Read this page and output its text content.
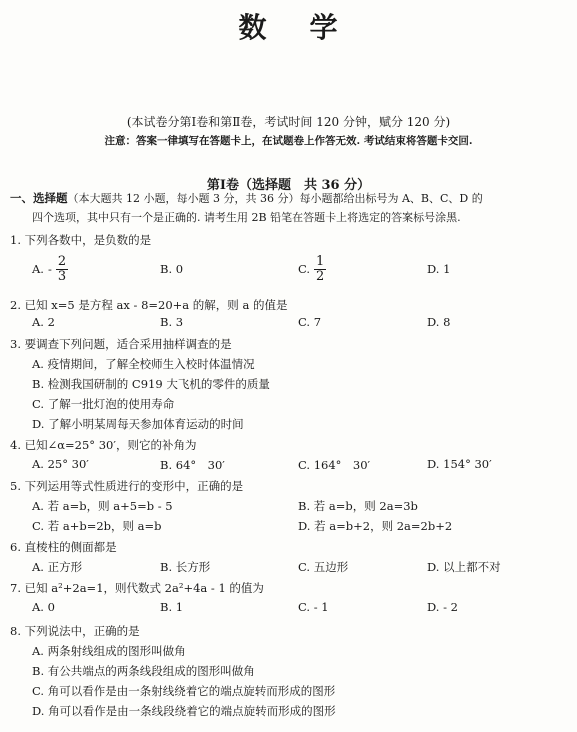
数 学
(本试卷分第Ⅰ卷和第Ⅱ卷，考试时间 120 分钟，赋分 120 分)
注意：答案一律填写在答题卡上，在试题卷上作答无效. 考试结束将答题卡交回.
第Ⅰ卷（选择题　共 36 分）
一、选择题（本大题共 12 小题，每小题 3 分，共 36 分）每小题都给出标号为 A、B、C、D 的
四个选项，其中只有一个是正确的. 请考生用 2B 铅笔在答题卡上将选定的答案标号涂黑.
1. 下列各数中，是负数的是
A. - $\frac{2}{3}$	B. 0	C. $\frac{1}{2}$	D. 1
2. 已知 x=5 是方程 ax - 8=20+a 的解，则 a 的值是
A. 2	B. 3	C. 7	D. 8
3. 要调查下列问题，适合采用抽样调查的是
A. 疫情期间，了解全校师生入校时体温情况
B. 检测我国研制的 C919 大飞机的零件的质量
C. 了解一批灯泡的使用寿命
D. 了解小明某周每天参加体育运动的时间
4. 已知∠α=25° 30′，则它的补角为
A. 25° 30′	B. 64°　30′	C. 164°　30′	D. 154° 30′
5. 下列运用等式性质进行的变形中，正确的是
A. 若 a=b，则 a+5=b - 5	B. 若 a=b，则 2a=3b
C. 若 a+b=2b，则 a=b	D. 若 a=b+2，则 2a=2b+2
6. 直棱柱的侧面都是
A. 正方形	B. 长方形	C. 五边形	D. 以上都不对
7. 已知 a²+2a=1，则代数式 2a²+4a - 1 的值为
A. 0	B. 1	C. - 1	D. - 2
8. 下列说法中，正确的是
A. 两条射线组成的图形叫做角
B. 有公共端点的两条线段组成的图形叫做角
C. 角可以看作是由一条射线绕着它的端点旋转而形成的图形
D. 角可以看作是由一条线段绕着它的端点旋转而形成的图形
